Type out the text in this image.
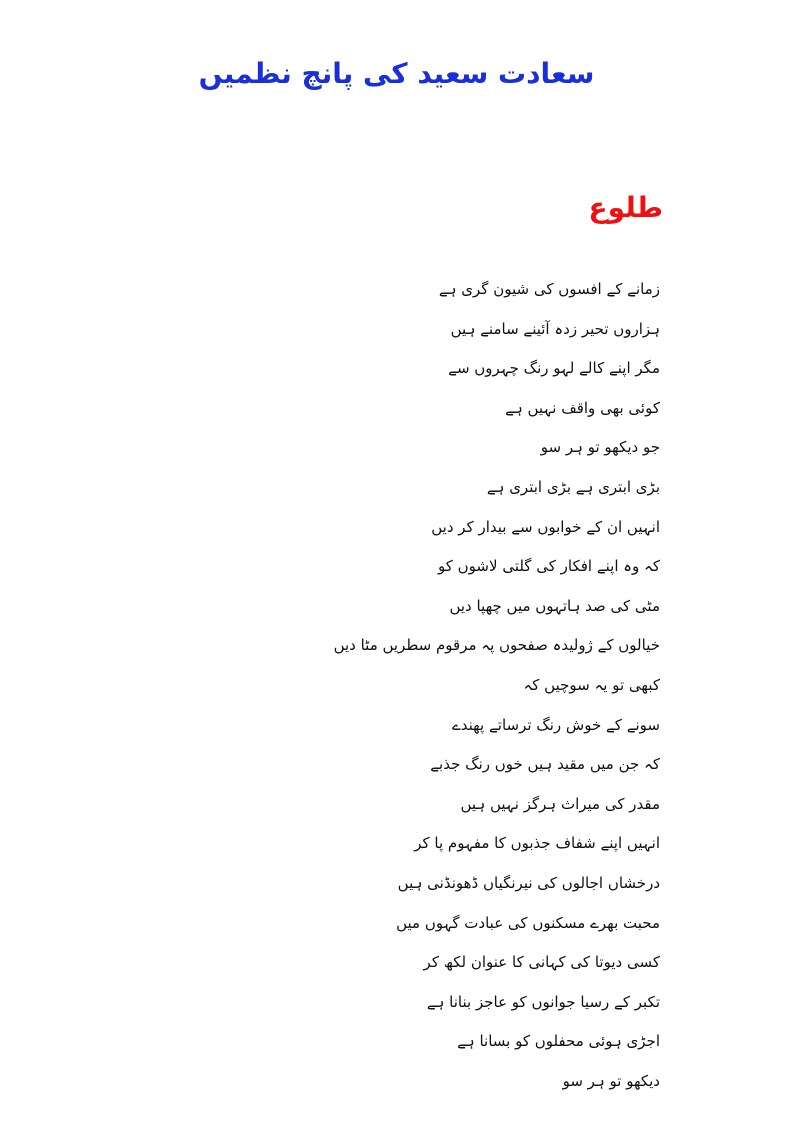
سعادت سعید کی پانچ نظمیں
طلوع
زمانے کے افسوں کی شیون گری ہے
ہزاروں تحیر زدہ آئینے سامنے ہیں
مگر اپنے کالے لہو رنگ چہروں سے
کوئی بھی واقف نہیں ہے
جو دیکھو تو ہر سو
بڑی ابتری ہے بڑی ابتری ہے
انہیں ان کے خوابوں سے بیدار کر دیں
کہ وہ اپنے افکار کی گلتی لاشوں کو
مٹی کی صد ہاتہوں میں چھپا دیں
خیالوں کے ژولیدہ صفحوں پہ مرقوم سطریں مٹا دیں
کبھی تو یہ سوچیں کہ
سونے کے خوش رنگ ترساتے پھندے
کہ جن میں مقید ہیں خوں رنگ جذبے
مقدر کی میراث ہرگز نہیں ہیں
انہیں اپنے شفاف جذبوں کا مفہوم پا کر
درخشاں اجالوں کی نیرنگیاں ڈھونڈنی ہیں
محبت بھرے مسکنوں کی عبادت گہوں میں
کسی دیوتا کی کہانی کا عنوان لکھ کر
تکبر کے رسیا جوانوں کو عاجز بنانا ہے
اجڑی ہوئی محفلوں کو بسانا ہے
دیکھو تو ہر سو
